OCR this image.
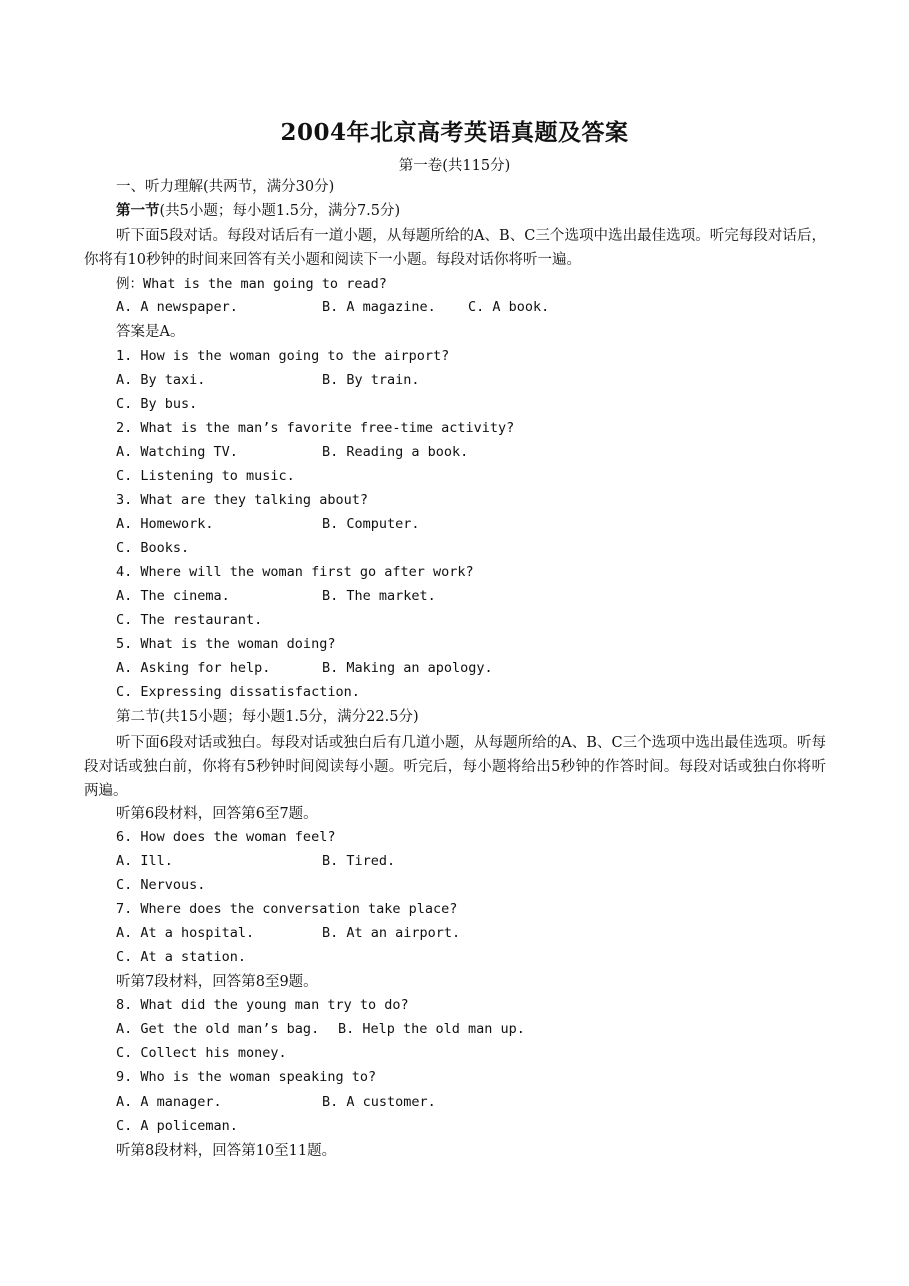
2004年北京高考英语真题及答案
第一卷(共115分)
一、听力理解(共两节，满分30分)
第一节(共5小题；每小题1.5分，满分7.5分)
听下面5段对话。每段对话后有一道小题，从每题所给的A、B、C三个选项中选出最佳选项。听完每段对话后，你将有10秒钟的时间来回答有关小题和阅读下一小题。每段对话你将听一遍。
例：What is the man going to read?
A. A newspaper.	B. A magazine. C. A book.
答案是A。
1. How is the woman going to the airport?
A. By taxi.	B. By train.
C. By bus.
2. What is the man’s favorite free-time activity?
A. Watching TV.	B. Reading a book.
C. Listening to music.
3. What are they talking about?
A. Homework.	B. Computer.
C. Books.
4. Where will the woman first go after work?
A. The cinema.	B. The market.
C. The restaurant.
5. What is the woman doing?
A. Asking for help.	B. Making an apology.
C. Expressing dissatisfaction.
第二节(共15小题；每小题1.5分，满分22.5分)
听下面6段对话或独白。每段对话或独白后有几道小题，从每题所给的A、B、C三个选项中选出最佳选项。听每段对话或独白前，你将有5秒钟时间阅读每小题。听完后，每小题将给出5秒钟的作答时间。每段对话或独白你将听两遍。
听第6段材料，回答第6至7题。
6. How does the woman feel?
A. Ill.	B. Tired.
C. Nervous.
7. Where does the conversation take place?
A. At a hospital.	B. At an airport.
C. At a station.
听第7段材料，回答第8至9题。
8. What did the young man try to do?
A. Get the old man’s bag. B. Help the old man up.
C. Collect his money.
9. Who is the woman speaking to?
A. A manager.	B. A customer.
C. A policeman.
听第8段材料，回答第10至11题。
